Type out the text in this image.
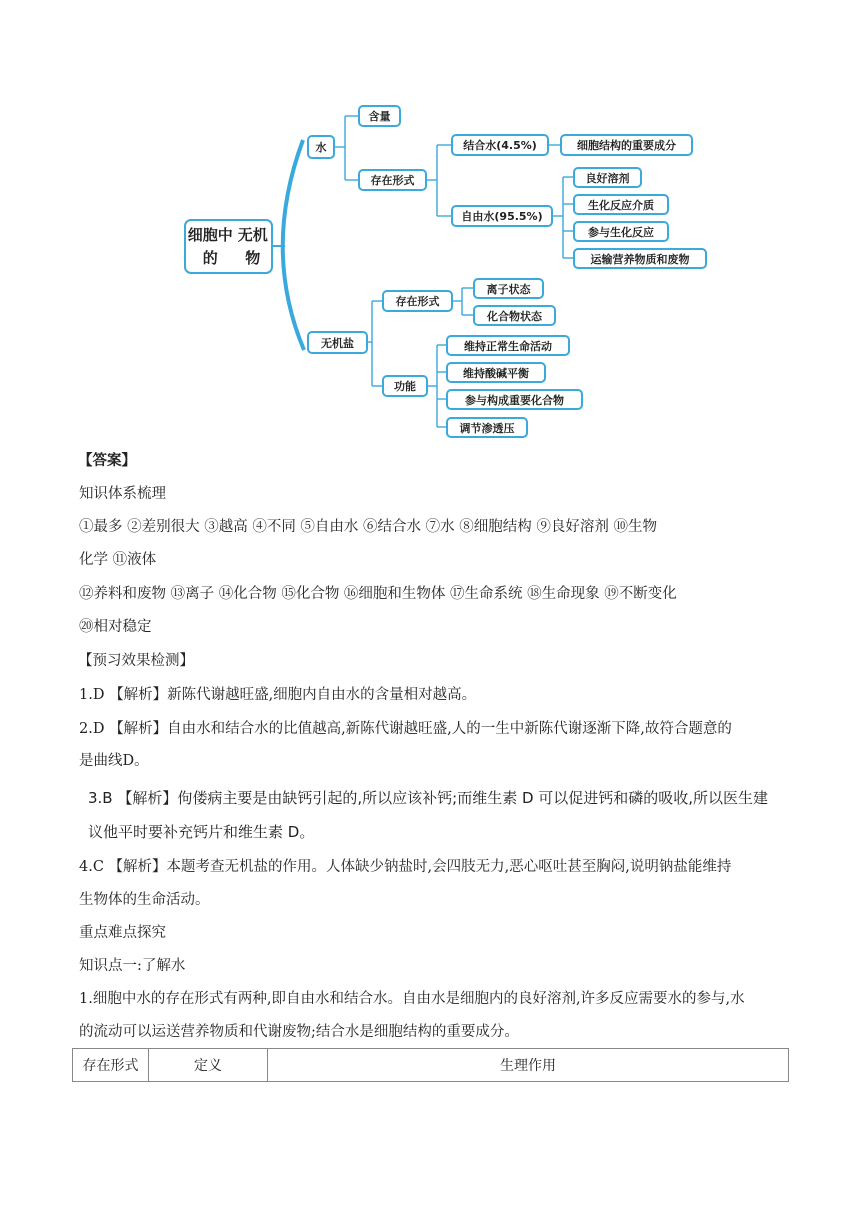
细胞中的
无机物
水
含量
存在形式
结合水(4.5%)	细胞结构的重要成分
自由水(95.5%)
良好溶剂
生化反应介质
参与生化反应
运输营养物质和废物
无机盐
存在形式
离子状态
化合物状态
功能
维持正常生命活动
维持酸碱平衡
参与构成重要化合物
调节渗透压
【答案】
知识体系梳理
①最多 ②差别很大 ③越高 ④不同 ⑤自由水 ⑥结合水 ⑦水 ⑧细胞结构 ⑨良好溶剂 ⑩生物
化学 ⑪液体
⑫养料和废物 ⑬离子 ⑭化合物 ⑮化合物 ⑯细胞和生物体 ⑰生命系统 ⑱生命现象 ⑲不断变化
⑳相对稳定
【预习效果检测】
1.D 【解析】新陈代谢越旺盛,细胞内自由水的含量相对越高。
2.D 【解析】自由水和结合水的比值越高,新陈代谢越旺盛,人的一生中新陈代谢逐渐下降,故符合题意的
是曲线D。
3.B 【解析】佝偻病主要是由缺钙引起的,所以应该补钙;而维生素 D 可以促进钙和磷的吸收,所以医生建
议他平时要补充钙片和维生素 D。
4.C 【解析】本题考查无机盐的作用。人体缺少钠盐时,会四肢无力,恶心呕吐甚至胸闷,说明钠盐能维持
生物体的生命活动。
重点难点探究
知识点一:了解水
1.细胞中水的存在形式有两种,即自由水和结合水。自由水是细胞内的良好溶剂,许多反应需要水的参与,水
的流动可以运送营养物质和代谢废物;结合水是细胞结构的重要成分。
存在形式	定义	生理作用
